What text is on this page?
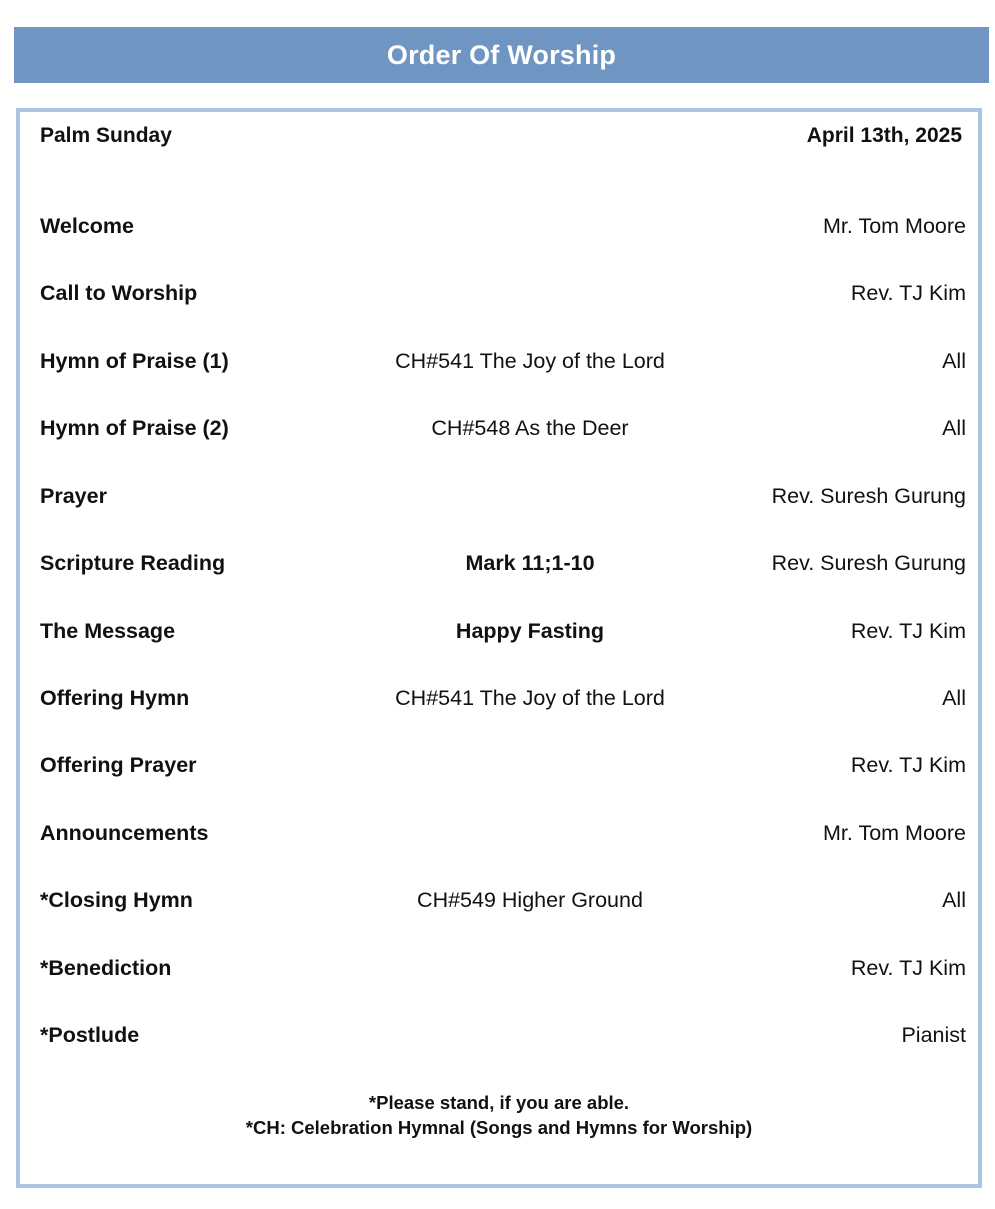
Order Of Worship
Palm Sunday	April 13th, 2025
Welcome	Mr. Tom Moore
Call to Worship	Rev. TJ Kim
Hymn of Praise (1)	CH#541 The Joy of the Lord	All
Hymn of Praise (2)	CH#548 As the Deer	All
Prayer	Rev. Suresh Gurung
Scripture Reading	Mark 11;1-10	Rev. Suresh Gurung
The Message	Happy Fasting	Rev. TJ Kim
Offering Hymn	CH#541 The Joy of the Lord	All
Offering Prayer	Rev. TJ Kim
Announcements	Mr. Tom Moore
*Closing Hymn	CH#549 Higher Ground	All
*Benediction	Rev. TJ Kim
*Postlude	Pianist
*Please stand, if you are able.
*CH: Celebration Hymnal (Songs and Hymns for Worship)
